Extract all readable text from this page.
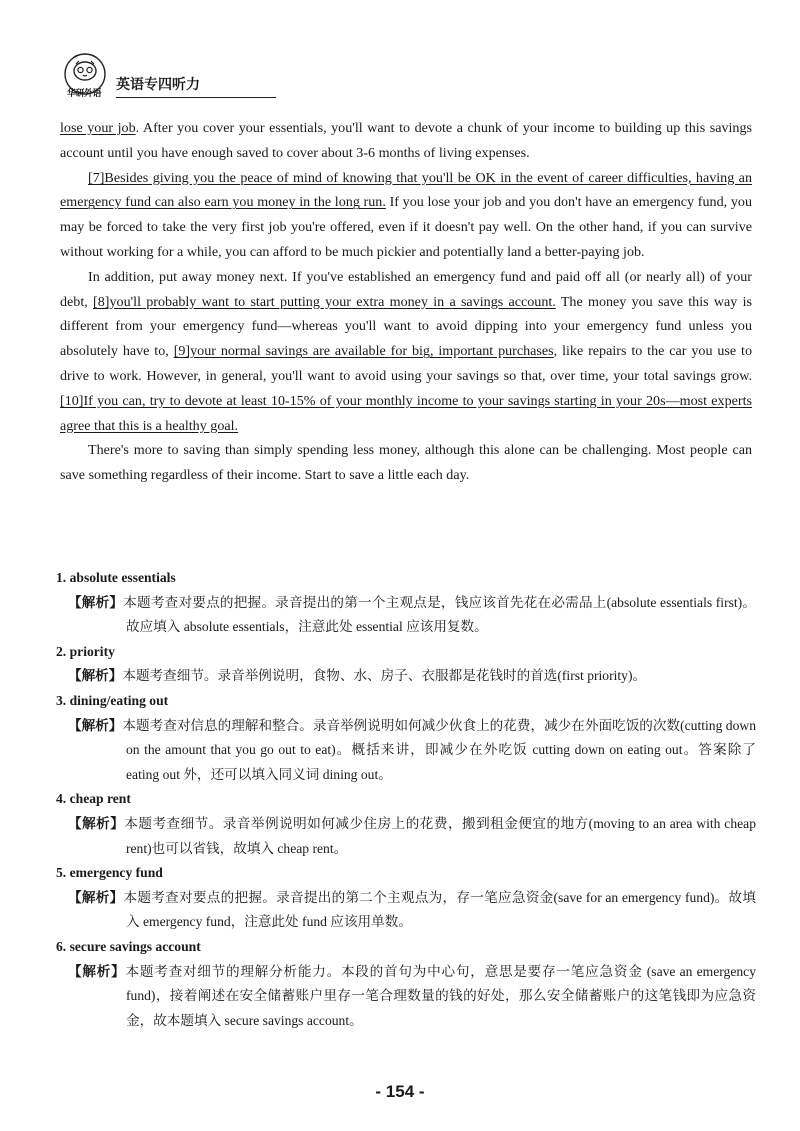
华研外语
英语专四听力

lose your job. After you cover your essentials, you'll want to devote a chunk of your income to building up this savings account until you have enough saved to cover about 3-6 months of living expenses.

[7]Besides giving you the peace of mind of knowing that you'll be OK in the event of career difficulties, having an emergency fund can also earn you money in the long run. If you lose your job and you don't have an emergency fund, you may be forced to take the very first job you're offered, even if it doesn't pay well. On the other hand, if you can survive without working for a while, you can afford to be much pickier and potentially land a better-paying job.

In addition, put away money next. If you've established an emergency fund and paid off all (or nearly all) of your debt, [8]you'll probably want to start putting your extra money in a savings account. The money you save this way is different from your emergency fund—whereas you'll want to avoid dipping into your emergency fund unless you absolutely have to, [9]your normal savings are available for big, important purchases, like repairs to the car you use to drive to work. However, in general, you'll want to avoid using your savings so that, over time, your total savings grow. [10]If you can, try to devote at least 10-15% of your monthly income to your savings starting in your 20s—most experts agree that this is a healthy goal.

There's more to saving than simply spending less money, although this alone can be challenging. Most people can save something regardless of their income. Start to save a little each day.

1. absolute essentials

【解析】本题考查对要点的把握。录音提出的第一个主观点是，钱应该首先花在必需品上(absolute essentials first)。故应填入 absolute essentials，注意此处 essential 应该用复数。

2. priority

【解析】本题考查细节。录音举例说明，食物、水、房子、衣服都是花钱时的首选(first priority)。

3. dining/eating out

【解析】本题考查对信息的理解和整合。录音举例说明如何减少伙食上的花费，减少在外面吃饭的次数(cutting down on the amount that you go out to eat)。概括来讲，即减少在外吃饭 cutting down on eating out。答案除了 eating out 外，还可以填入同义词 dining out。

4. cheap rent

【解析】本题考查细节。录音举例说明如何减少住房上的花费，搬到租金便宜的地方(moving to an area with cheap rent)也可以省钱，故填入 cheap rent。

5. emergency fund

【解析】本题考查对要点的把握。录音提出的第二个主观点为，存一笔应急资金(save for an emergency fund)。故填入 emergency fund，注意此处 fund 应该用单数。

6. secure savings account

【解析】本题考查对细节的理解分析能力。本段的首句为中心句，意思是要存一笔应急资金 (save an emergency fund)，接着阐述在安全储蓄账户里存一笔合理数量的钱的好处，那么安全储蓄账户的这笔钱即为应急资金，故本题填入 secure savings account。

- 154 -
